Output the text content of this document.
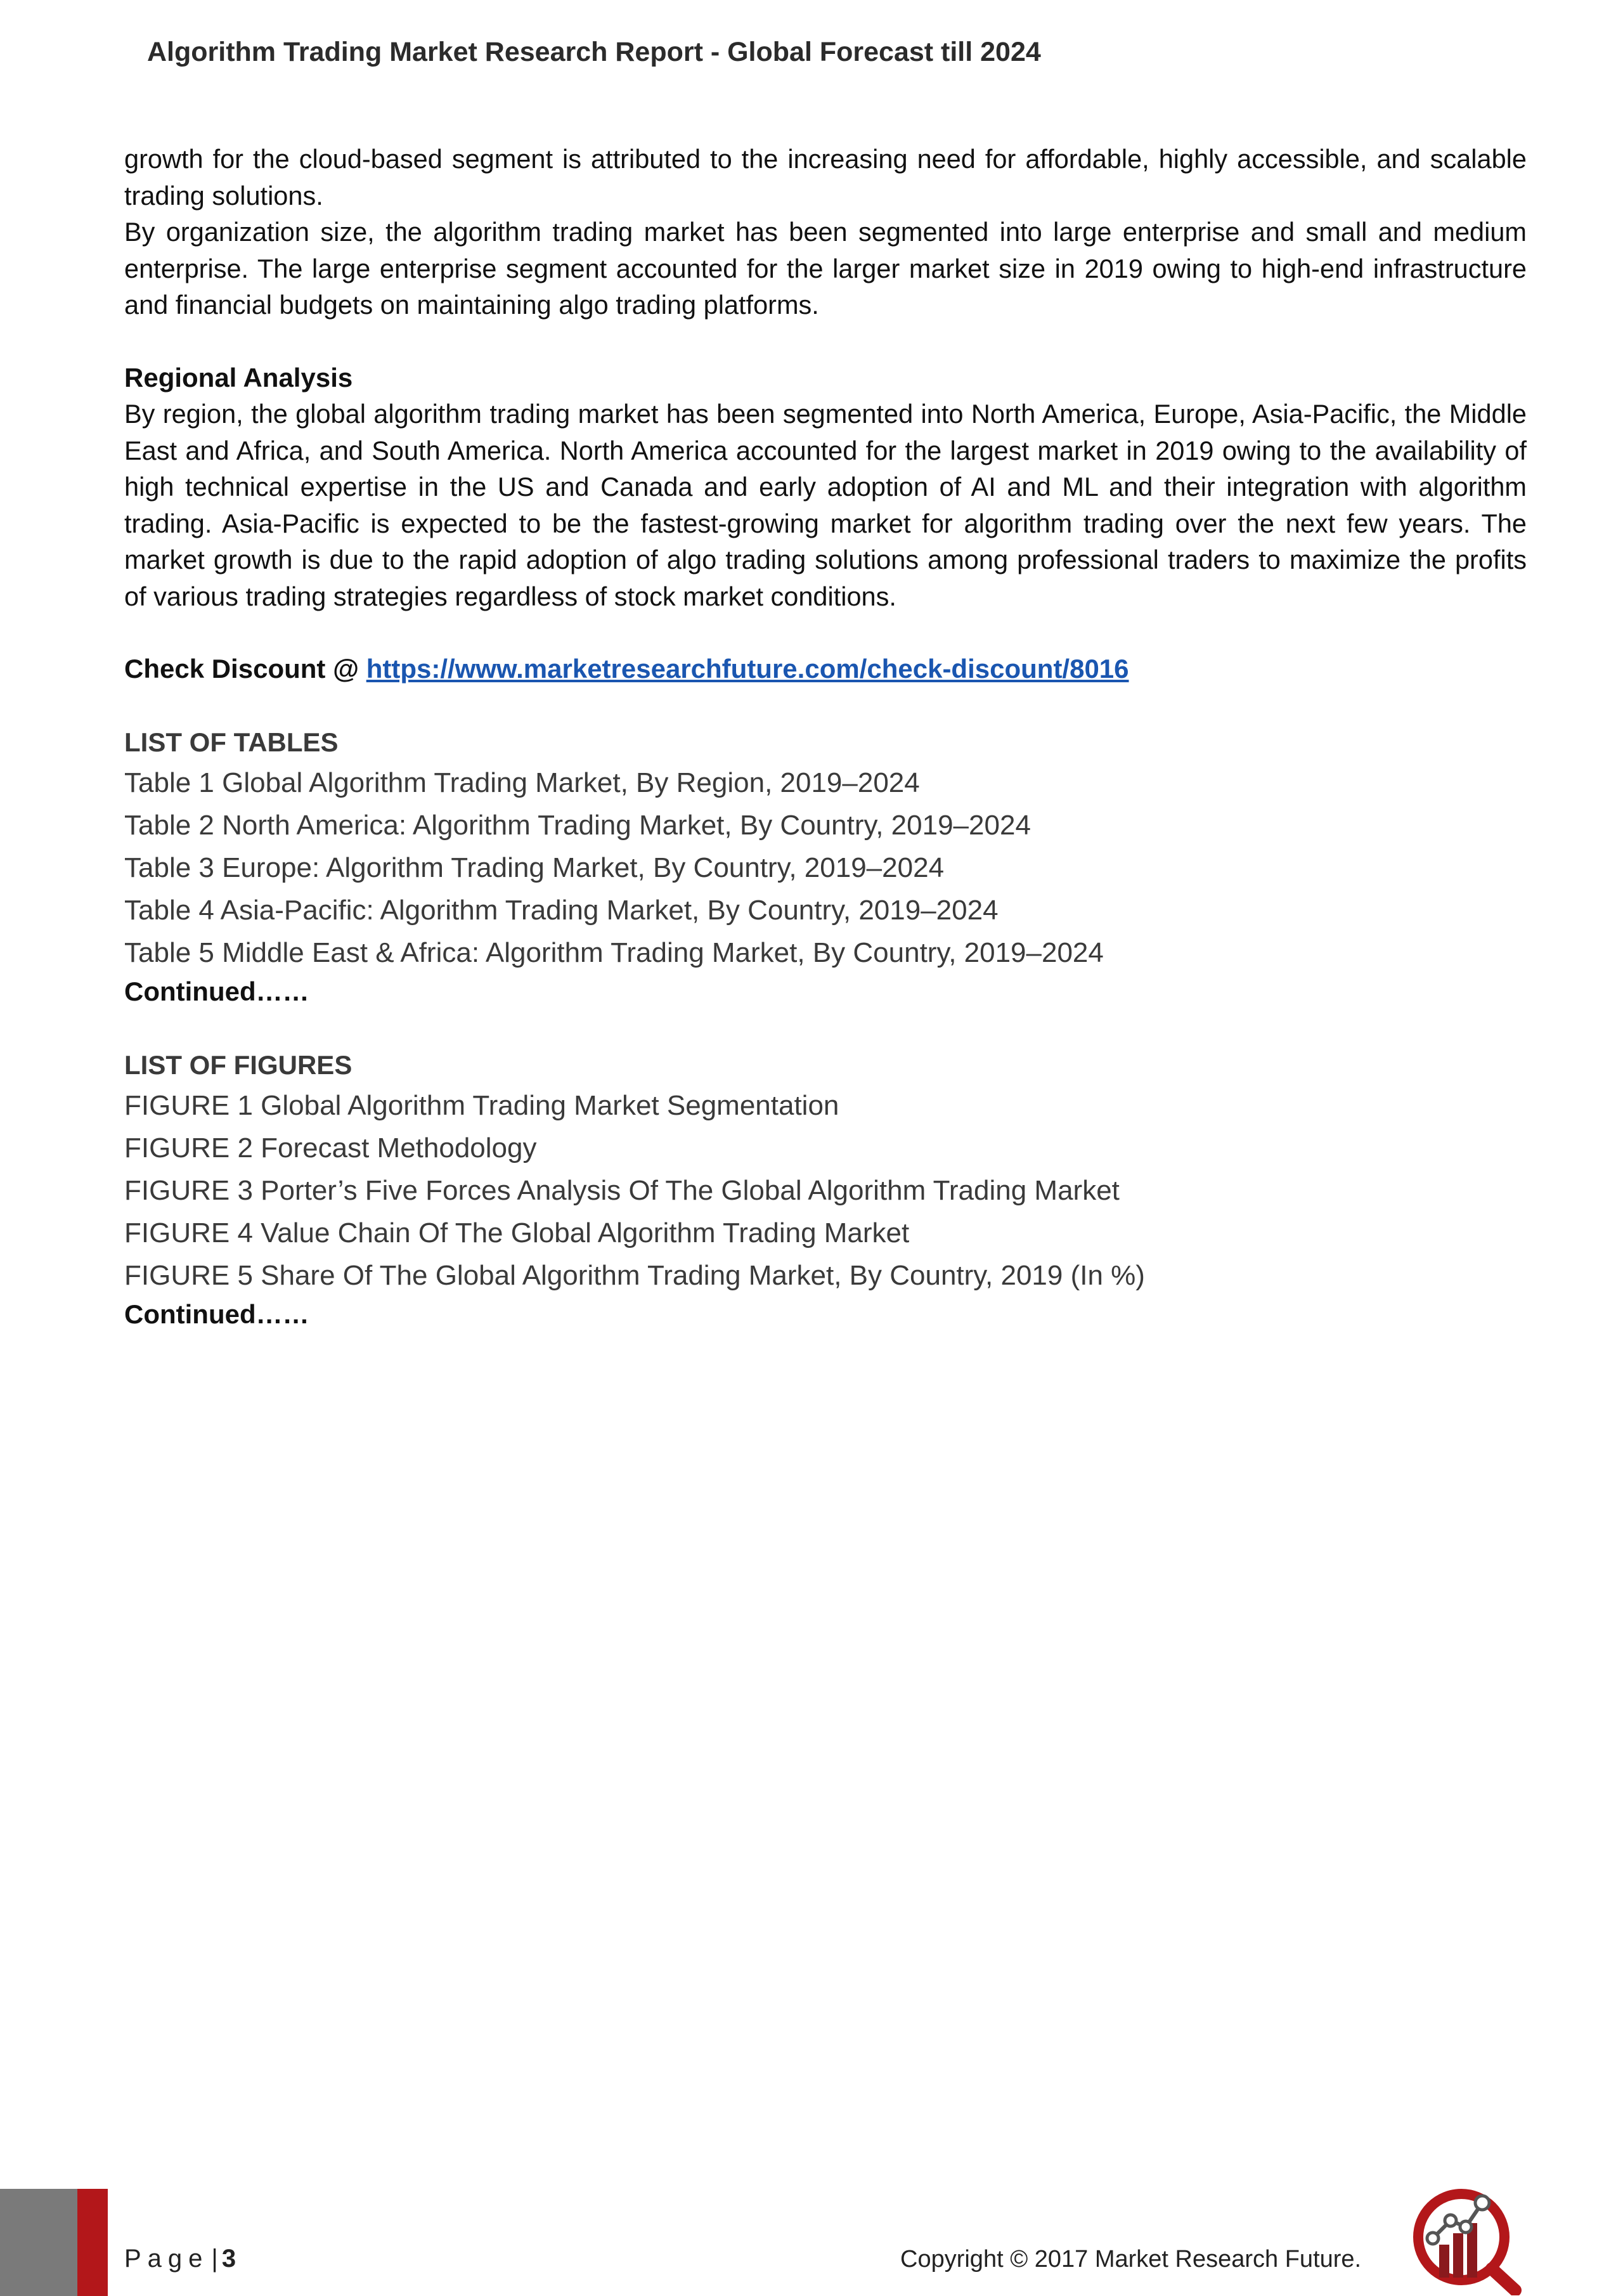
Algorithm Trading Market Research Report - Global Forecast till 2024

growth for the cloud-based segment is attributed to the increasing need for affordable, highly accessible, and scalable trading solutions.

By organization size, the algorithm trading market has been segmented into large enterprise and small and medium enterprise. The large enterprise segment accounted for the larger market size in 2019 owing to high-end infrastructure and financial budgets on maintaining algo trading platforms.

Regional Analysis

By region, the global algorithm trading market has been segmented into North America, Europe, Asia-Pacific, the Middle East and Africa, and South America. North America accounted for the largest market in 2019 owing to the availability of high technical expertise in the US and Canada and early adoption of AI and ML and their integration with algorithm trading. Asia-Pacific is expected to be the fastest-growing market for algorithm trading over the next few years. The market growth is due to the rapid adoption of algo trading solutions among professional traders to maximize the profits of various trading strategies regardless of stock market conditions.

Check Discount @ https://www.marketresearchfuture.com/check-discount/8016
LIST OF TABLES

Table 1 Global Algorithm Trading Market, By Region, 2019–2024

Table 2 North America: Algorithm Trading Market, By Country, 2019–2024

Table 3 Europe: Algorithm Trading Market, By Country, 2019–2024

Table 4 Asia-Pacific: Algorithm Trading Market, By Country, 2019–2024

Table 5 Middle East & Africa: Algorithm Trading Market, By Country, 2019–2024

Continued……

LIST OF FIGURES

FIGURE 1 Global Algorithm Trading Market Segmentation

FIGURE 2 Forecast Methodology

FIGURE 3 Porter’s Five Forces Analysis Of The Global Algorithm Trading Market

FIGURE 4 Value Chain Of The Global Algorithm Trading Market

FIGURE 5 Share Of The Global Algorithm Trading Market, By Country, 2019 (In %)

Continued……

Page | 3	Copyright © 2017 Market Research Future.
